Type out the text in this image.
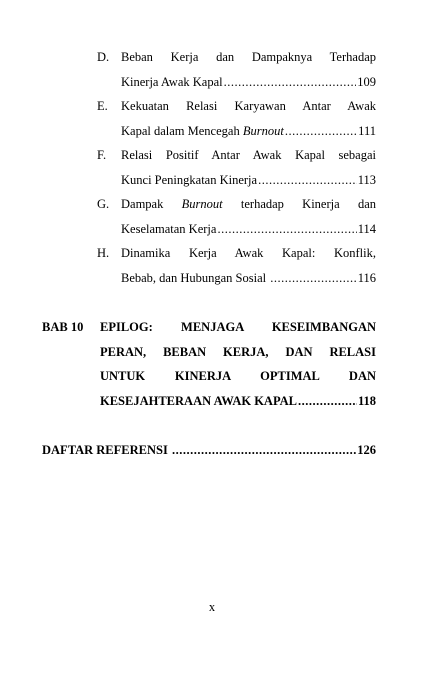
D. Beban Kerja dan Dampaknya Terhadap
Kinerja Awak Kapal .....	109
E.	Kekuatan Relasi Karyawan Antar Awak
Kapal dalam Mencegah Burnout .....	111
F.	Relasi Positif Antar Awak Kapal sebagai
Kunci Peningkatan Kinerja .....	113
G. Dampak Burnout terhadap Kinerja dan
Keselamatan Kerja .....	114
H. Dinamika Kerja Awak Kapal: Konflik,
Bebab, dan Hubungan Sosial .....	116
BAB 10 EPILOG: MENJAGA KESEIMBANGAN
PERAN, BEBAN KERJA, DAN RELASI
UNTUK KINERJA OPTIMAL DAN
KESEJAHTERAAN AWAK KAPAL .....	118
DAFTAR REFERENSI .....	126
x
